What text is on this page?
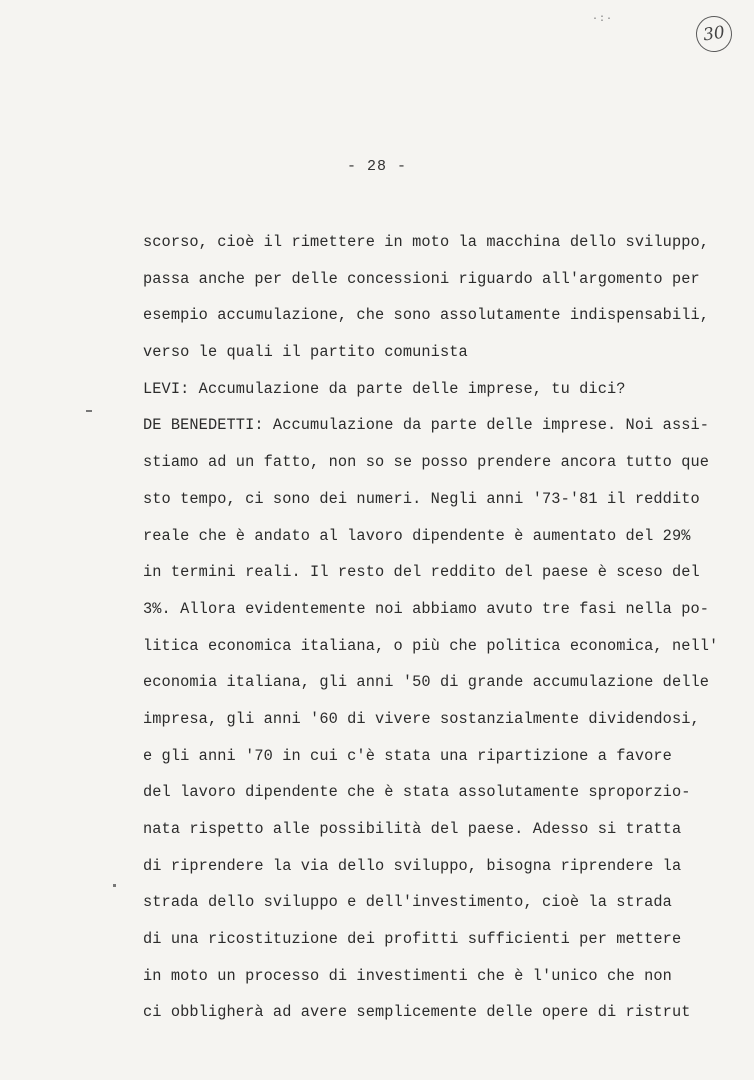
30
·:·
- 28 -
scorso, cioè il rimettere in moto la macchina dello sviluppo,
passa anche per delle concessioni riguardo all'argomento per
esempio accumulazione, che sono assolutamente indispensabili,
verso le quali il partito comunista
LEVI: Accumulazione da parte delle imprese, tu dici?
DE BENEDETTI: Accumulazione da parte delle imprese. Noi assi-
stiamo ad un fatto, non so se posso prendere ancora tutto que
sto tempo, ci sono dei numeri. Negli anni '73-'81 il reddito
reale che è andato al lavoro dipendente è aumentato del 29%
in termini reali. Il resto del reddito del paese è sceso del
3%. Allora evidentemente noi abbiamo avuto tre fasi nella po-
litica economica italiana, o più che politica economica, nell'
economia italiana, gli anni '50 di grande accumulazione delle
impresa, gli anni '60 di vivere sostanzialmente dividendosi,
e gli anni '70 in cui c'è stata una ripartizione a favore
del lavoro dipendente che è stata assolutamente sproporzio-
nata rispetto alle possibilità del paese. Adesso si tratta
di riprendere la via dello sviluppo, bisogna riprendere la
strada dello sviluppo e dell'investimento, cioè la strada
di una ricostituzione dei profitti sufficienti per mettere
in moto un processo di investimenti che è l'unico che non
ci obbligherà ad avere semplicemente delle opere di ristrut
